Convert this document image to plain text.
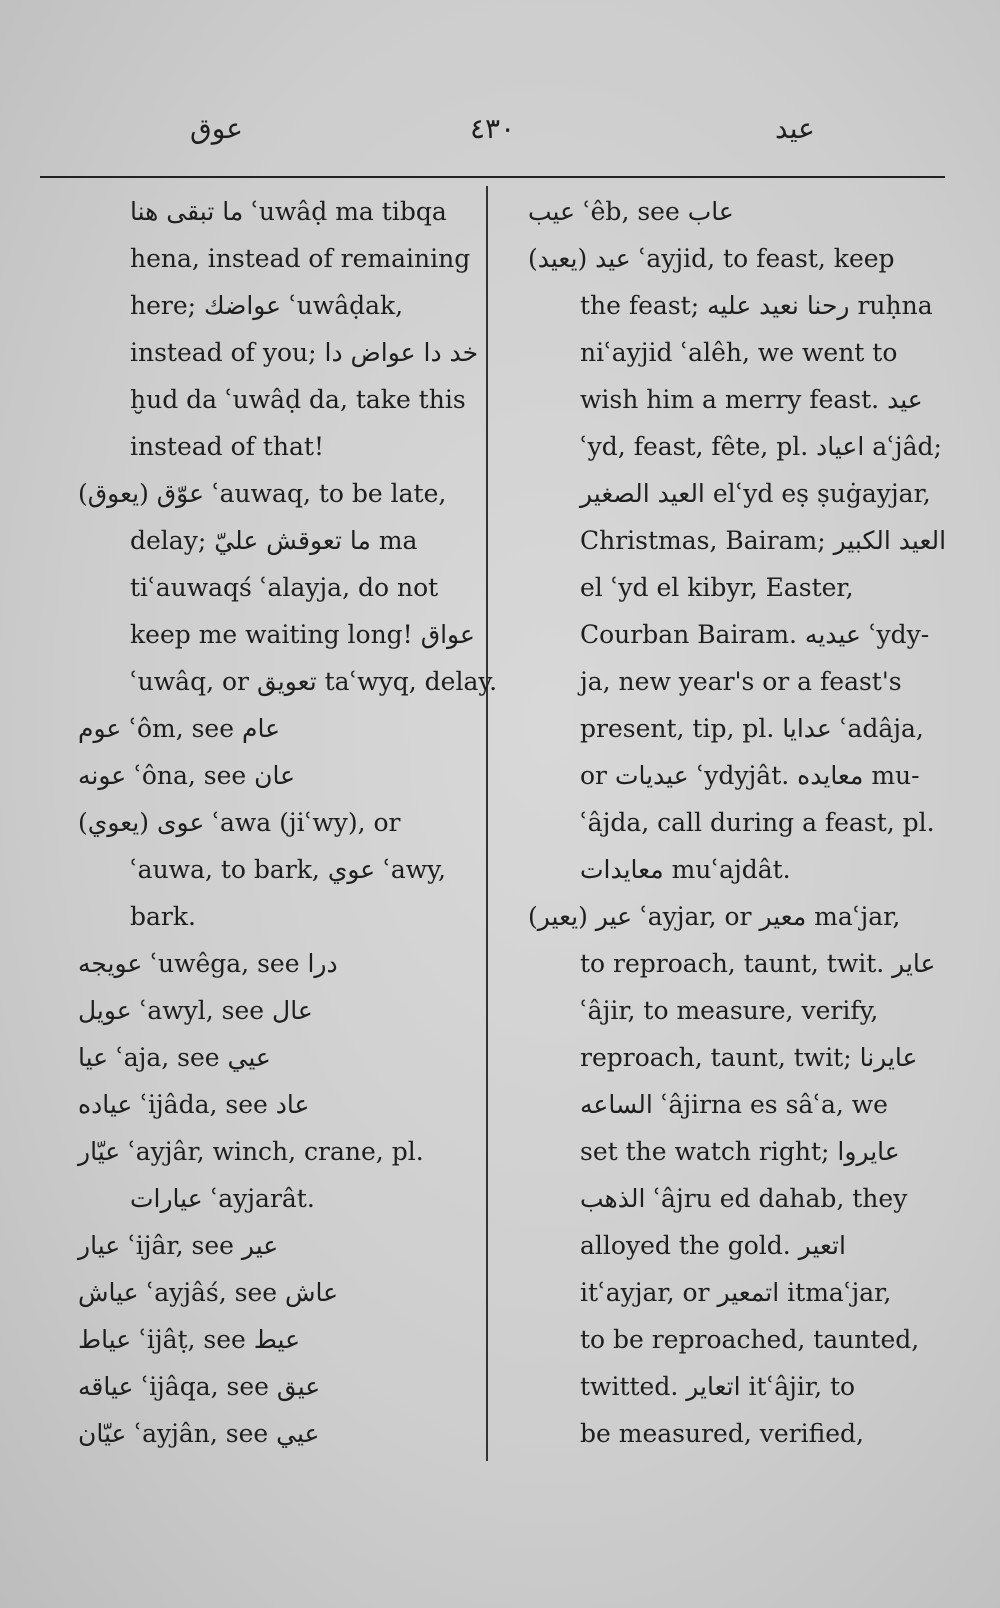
عوق	٤٣٠	عيد
ما تبقى هنا ʿuwâḍ ma tibqa
hena, instead of remaining
here; عواضك ʿuwâḍak,
instead of you; خد دا عواض دا
ḫud da ʿuwâḍ da, take this
instead of that!
عوّق (يعوق) ʿauwaq, to be late,
delay; ما تعوقش عليّ ma
tiʿauwaqś ʿalayja, do not
keep me waiting long! عواق
ʿuwâq, or تعويق taʿwyq, delay.
عوم ʿôm, see عام
عونه ʿôna, see عان
عوى (يعوي) ʿawa (jiʿwy), or
ʿauwa, to bark, عوي ʿawy,
bark.
عويجه ʿuwêga, see درا
عويل ʿawyl, see عال
عيا ʿaja, see عيي
عياده ʿijâda, see عاد
عيّار ʿayjâr, winch, crane, pl.
عيارات ʿayjarât.
عيار ʿijâr, see عير
عياش ʿayjâś, see عاش
عياط ʿijâṭ, see عيط
عياقه ʿijâqa, see عيق
عيّان ʿayjân, see عيي
عيب ʿêb, see عاب
عيد (يعيد) ʿayjid, to feast, keep
the feast; رحنا نعيد عليه ruḥna
niʿayjid ʿalêh, we went to
wish him a merry feast. عيد
ʿyd, feast, fête, pl. اعياد aʿjâd;
العيد الصغير elʿyd eṣ ṣuġayjar,
Christmas, Bairam; العيد الكبير
el ʿyd el kibyr, Easter,
Courban Bairam. عيديه ʿydy-
ja, new year's or a feast's
present, tip, pl. عدايا ʿadâja,
or عيديات ʿydyjât. معايده mu-
ʿâjda, call during a feast, pl.
معايدات muʿajdât.
عير (يعير) ʿayjar, or معير maʿjar,
to reproach, taunt, twit. عاير
ʿâjir, to measure, verify,
reproach, taunt, twit; عايرنا
الساعه ʿâjirna es sâʿa, we
set the watch right; عايروا
الذهب ʿâjru ed dahab, they
alloyed the gold. اتعير
itʿayjar, or اتمعير itmaʿjar,
to be reproached, taunted,
twitted. اتعاير itʿâjir, to
be measured, verified,
